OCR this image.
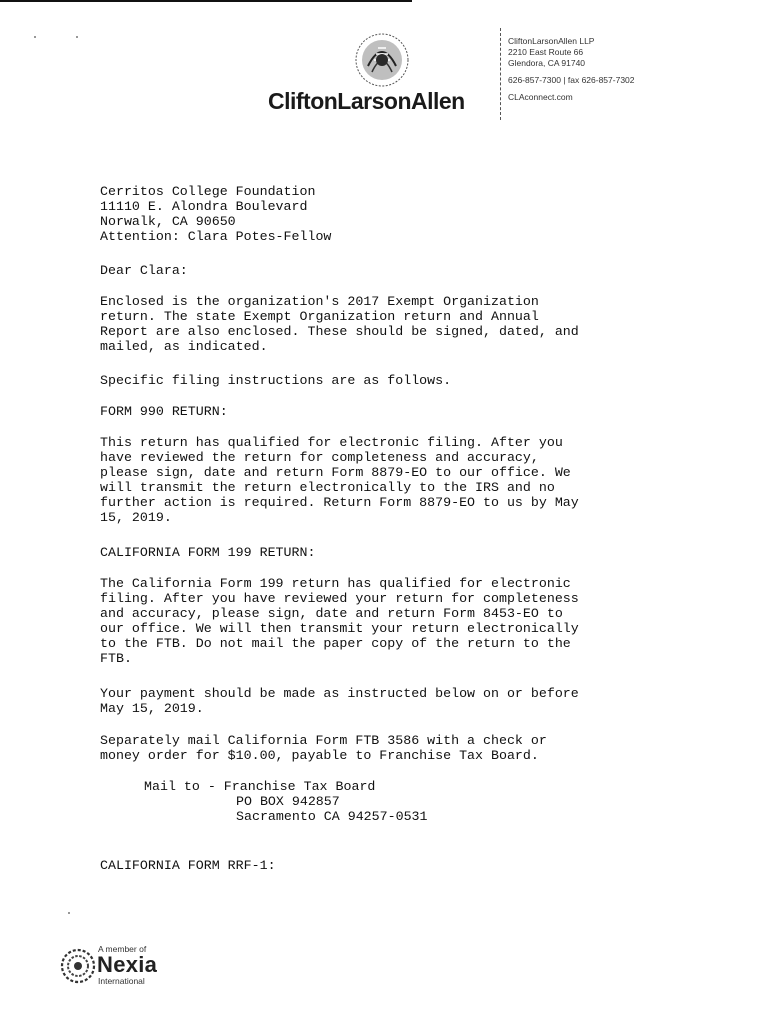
CliftonLarsonAllen
CliftonLarsonAllen LLP
2210 East Route 66
Glendora, CA 91740
626-857-7300 | fax 626-857-7302
CLAconnect.com
Cerritos College Foundation
11110 E. Alondra Boulevard
Norwalk, CA 90650
Attention: Clara Potes-Fellow
Dear Clara:
Enclosed is the organization's 2017 Exempt Organization
return. The state Exempt Organization return and Annual
Report are also enclosed. These should be signed, dated, and
mailed, as indicated.
Specific filing instructions are as follows.
FORM 990 RETURN:
This return has qualified for electronic filing. After you
have reviewed the return for completeness and accuracy,
please sign, date and return Form 8879-EO to our office. We
will transmit the return electronically to the IRS and no
further action is required. Return Form 8879-EO to us by May
15, 2019.
CALIFORNIA FORM 199 RETURN:
The California Form 199 return has qualified for electronic
filing. After you have reviewed your return for completeness
and accuracy, please sign, date and return Form 8453-EO to
our office. We will then transmit your return electronically
to the FTB. Do not mail the paper copy of the return to the
FTB.
Your payment should be made as instructed below on or before
May 15, 2019.
Separately mail California Form FTB 3586 with a check or
money order for $10.00, payable to Franchise Tax Board.
Mail to - Franchise Tax Board
PO BOX 942857
Sacramento CA 94257-0531
CALIFORNIA FORM RRF-1:
A member of
Nexia
International
